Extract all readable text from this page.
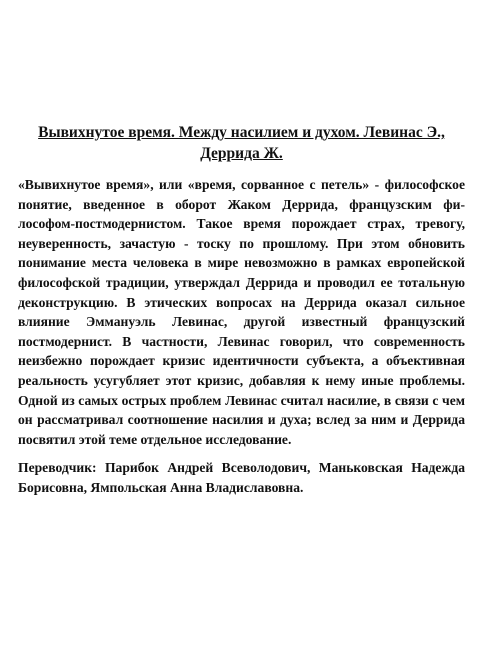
Вывихнутое время. Между насилием и духом. Левинас Э., Деррида Ж.

«Вывихнутое время», или «время, сорванное с петель» - философское понятие, введенное в оборот Жаком Деррида, французским фи-лософом-постмодернистом. Такое время порождает страх, тревогу, неуверенность, зачастую - тоску по прошлому. При этом обновить понимание места человека в мире невозможно в рамках европейской философской традиции, утверждал Деррида и проводил ее тотальную деконструкцию. В этических вопросах на Деррида оказал сильное влияние Эммануэль Левинас, другой известный французский постмодернист. В частности, Левинас говорил, что современность неизбежно порождает кризис идентичности субъекта, а объективная реальность усугубляет этот кризис, добавляя к нему иные проблемы. Одной из самых острых проблем Левинас считал насилие, в связи с чем он рассматривал соотношение насилия и духа; вслед за ним и Деррида посвятил этой теме отдельное исследование.

Переводчик: Парибок Андрей Всеволодович, Маньковская Надежда Борисовна, Ямпольская Анна Владиславовна.
